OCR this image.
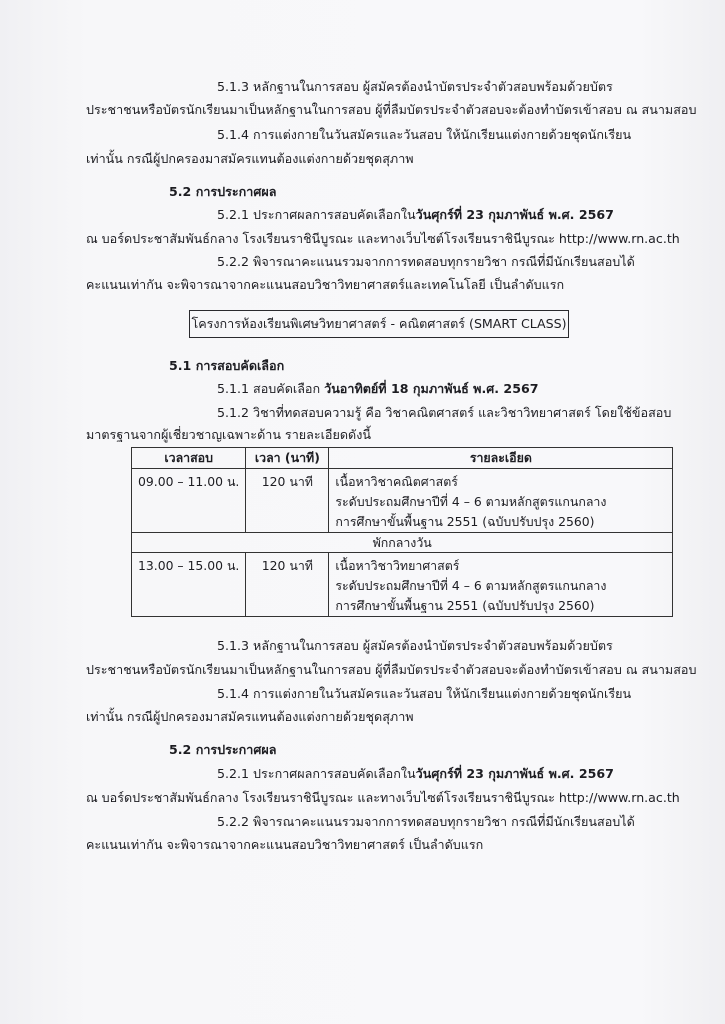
5.1.3 หลักฐานในการสอบ ผู้สมัครต้องนำบัตรประจำตัวสอบพร้อมด้วยบัตร
ประชาชนหรือบัตรนักเรียนมาเป็นหลักฐานในการสอบ ผู้ที่ลืมบัตรประจำตัวสอบจะต้องทำบัตรเข้าสอบ ณ สนามสอบ
5.1.4 การแต่งกายในวันสมัครและวันสอบ ให้นักเรียนแต่งกายด้วยชุดนักเรียน
เท่านั้น กรณีผู้ปกครองมาสมัครแทนต้องแต่งกายด้วยชุดสุภาพ
5.2 การประกาศผล
5.2.1 ประกาศผลการสอบคัดเลือกในวันศุกร์ที่ 23 กุมภาพันธ์ พ.ศ. 2567
ณ บอร์ดประชาสัมพันธ์กลาง โรงเรียนราชินีบูรณะ และทางเว็บไซต์โรงเรียนราชินีบูรณะ http://www.rn.ac.th
5.2.2 พิจารณาคะแนนรวมจากการทดสอบทุกรายวิชา กรณีที่มีนักเรียนสอบได้
คะแนนเท่ากัน จะพิจารณาจากคะแนนสอบวิชาวิทยาศาสตร์และเทคโนโลยี เป็นลำดับแรก
โครงการห้องเรียนพิเศษวิทยาศาสตร์ - คณิตศาสตร์ (SMART CLASS)
5.1 การสอบคัดเลือก
5.1.1 สอบคัดเลือก วันอาทิตย์ที่ 18 กุมภาพันธ์ พ.ศ. 2567
5.1.2 วิชาที่ทดสอบความรู้ คือ วิชาคณิตศาสตร์ และวิชาวิทยาศาสตร์ โดยใช้ข้อสอบ
มาตรฐานจากผู้เชี่ยวชาญเฉพาะด้าน รายละเอียดดังนี้
เวลาสอบ	เวลา (นาที)	รายละเอียด
09.00 – 11.00 น.	120 นาที	เนื้อหาวิชาคณิตศาสตร์
ระดับประถมศึกษาปีที่ 4 – 6 ตามหลักสูตรแกนกลาง
การศึกษาขั้นพื้นฐาน 2551 (ฉบับปรับปรุง 2560)

พักกลางวัน		
13.00 – 15.00 น.	120 นาที	เนื้อหาวิชาวิทยาศาสตร์
ระดับประถมศึกษาปีที่ 4 – 6 ตามหลักสูตรแกนกลาง
การศึกษาขั้นพื้นฐาน 2551 (ฉบับปรับปรุง 2560)
5.1.3 หลักฐานในการสอบ ผู้สมัครต้องนำบัตรประจำตัวสอบพร้อมด้วยบัตร
ประชาชนหรือบัตรนักเรียนมาเป็นหลักฐานในการสอบ ผู้ที่ลืมบัตรประจำตัวสอบจะต้องทำบัตรเข้าสอบ ณ สนามสอบ
5.1.4 การแต่งกายในวันสมัครและวันสอบ ให้นักเรียนแต่งกายด้วยชุดนักเรียน
เท่านั้น กรณีผู้ปกครองมาสมัครแทนต้องแต่งกายด้วยชุดสุภาพ
5.2 การประกาศผล
5.2.1 ประกาศผลการสอบคัดเลือกในวันศุกร์ที่ 23 กุมภาพันธ์ พ.ศ. 2567
ณ บอร์ดประชาสัมพันธ์กลาง โรงเรียนราชินีบูรณะ และทางเว็บไซต์โรงเรียนราชินีบูรณะ http://www.rn.ac.th
5.2.2 พิจารณาคะแนนรวมจากการทดสอบทุกรายวิชา กรณีที่มีนักเรียนสอบได้
คะแนนเท่ากัน จะพิจารณาจากคะแนนสอบวิชาวิทยาศาสตร์ เป็นลำดับแรก
